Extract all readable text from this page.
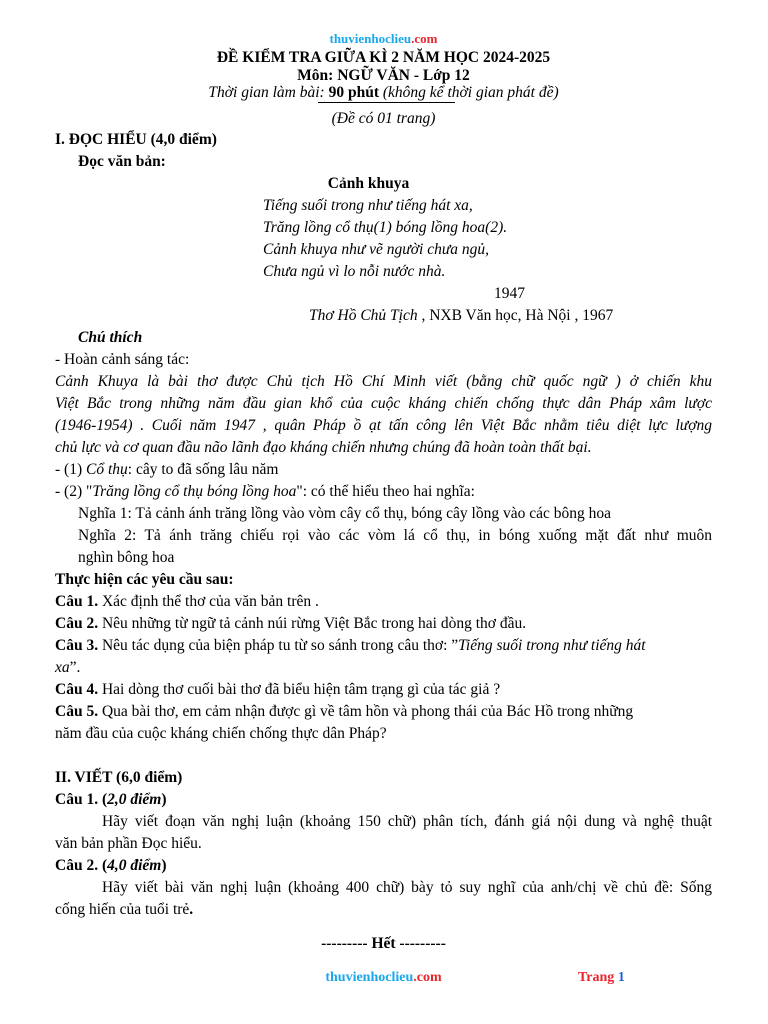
thuvienhoclieu.com
ĐỀ KIỂM TRA GIỮA KÌ 2 NĂM HỌC 2024-2025
Môn: NGỮ VĂN - Lớp 12
Thời gian làm bài: 90 phút (không kể thời gian phát đề)
(Đề có 01 trang)
I. ĐỌC HIỂU (4,0 điểm)
Đọc văn bản:
Cảnh khuya
Tiếng suối trong như tiếng hát xa,
Trăng lồng cổ thụ(1) bóng lồng hoa(2).
Cảnh khuya như vẽ người chưa ngủ,
Chưa ngủ vì lo nỗi nước nhà.
1947
Thơ Hồ Chủ Tịch , NXB Văn học, Hà Nội , 1967
Chú thích
- Hoàn cảnh sáng tác:
Cảnh Khuya là bài thơ được Chủ tịch Hồ Chí Minh viết (bằng chữ quốc ngữ ) ở chiến khu
Việt Bắc trong những năm đầu gian khổ của cuộc kháng chiến chống thực dân Pháp xâm lược
(1946-1954) . Cuối năm 1947 , quân Pháp ồ ạt tấn công lên Việt Bắc nhằm tiêu diệt lực lượng
chủ lực và cơ quan đầu não lãnh đạo kháng chiến nhưng chúng đã hoàn toàn thất bại.
- (1) Cổ thụ: cây to đã sống lâu năm
- (2) "Trăng lồng cổ thụ bóng lồng hoa": có thể hiểu theo hai nghĩa:
Nghĩa 1: Tả cảnh ánh trăng lồng vào vòm cây cổ thụ, bóng cây lồng vào các bông hoa
Nghĩa 2: Tả ánh trăng chiếu rọi vào các vòm lá cổ thụ, in bóng xuống mặt đất như muôn
nghìn bông hoa
Thực hiện các yêu cầu sau:
Câu 1. Xác định thể thơ của văn bản trên .
Câu 2. Nêu những từ ngữ tả cảnh núi rừng Việt Bắc trong hai dòng thơ đầu.
Câu 3. Nêu tác dụng của biện pháp tu từ so sánh trong câu thơ: ”Tiếng suối trong như tiếng hát
xa”.
Câu 4. Hai dòng thơ cuối bài thơ đã biểu hiện tâm trạng gì của tác giả ?
Câu 5. Qua bài thơ, em cảm nhận được gì về tâm hồn và phong thái của Bác Hồ trong những
năm đầu của cuộc kháng chiến chống thực dân Pháp?
II. VIẾT (6,0 điểm)
Câu 1. (2,0 điểm)
Hãy viết đoạn văn nghị luận (khoảng 150 chữ) phân tích, đánh giá nội dung và nghệ thuật
văn bản phần Đọc hiểu.
Câu 2. (4,0 điểm)
Hãy viết bài văn nghị luận (khoảng 400 chữ) bày tỏ suy nghĩ của anh/chị về chủ đề: Sống
cống hiến của tuổi trẻ.
--------- Hết ---------
thuvienhoclieu.com	Trang 1
